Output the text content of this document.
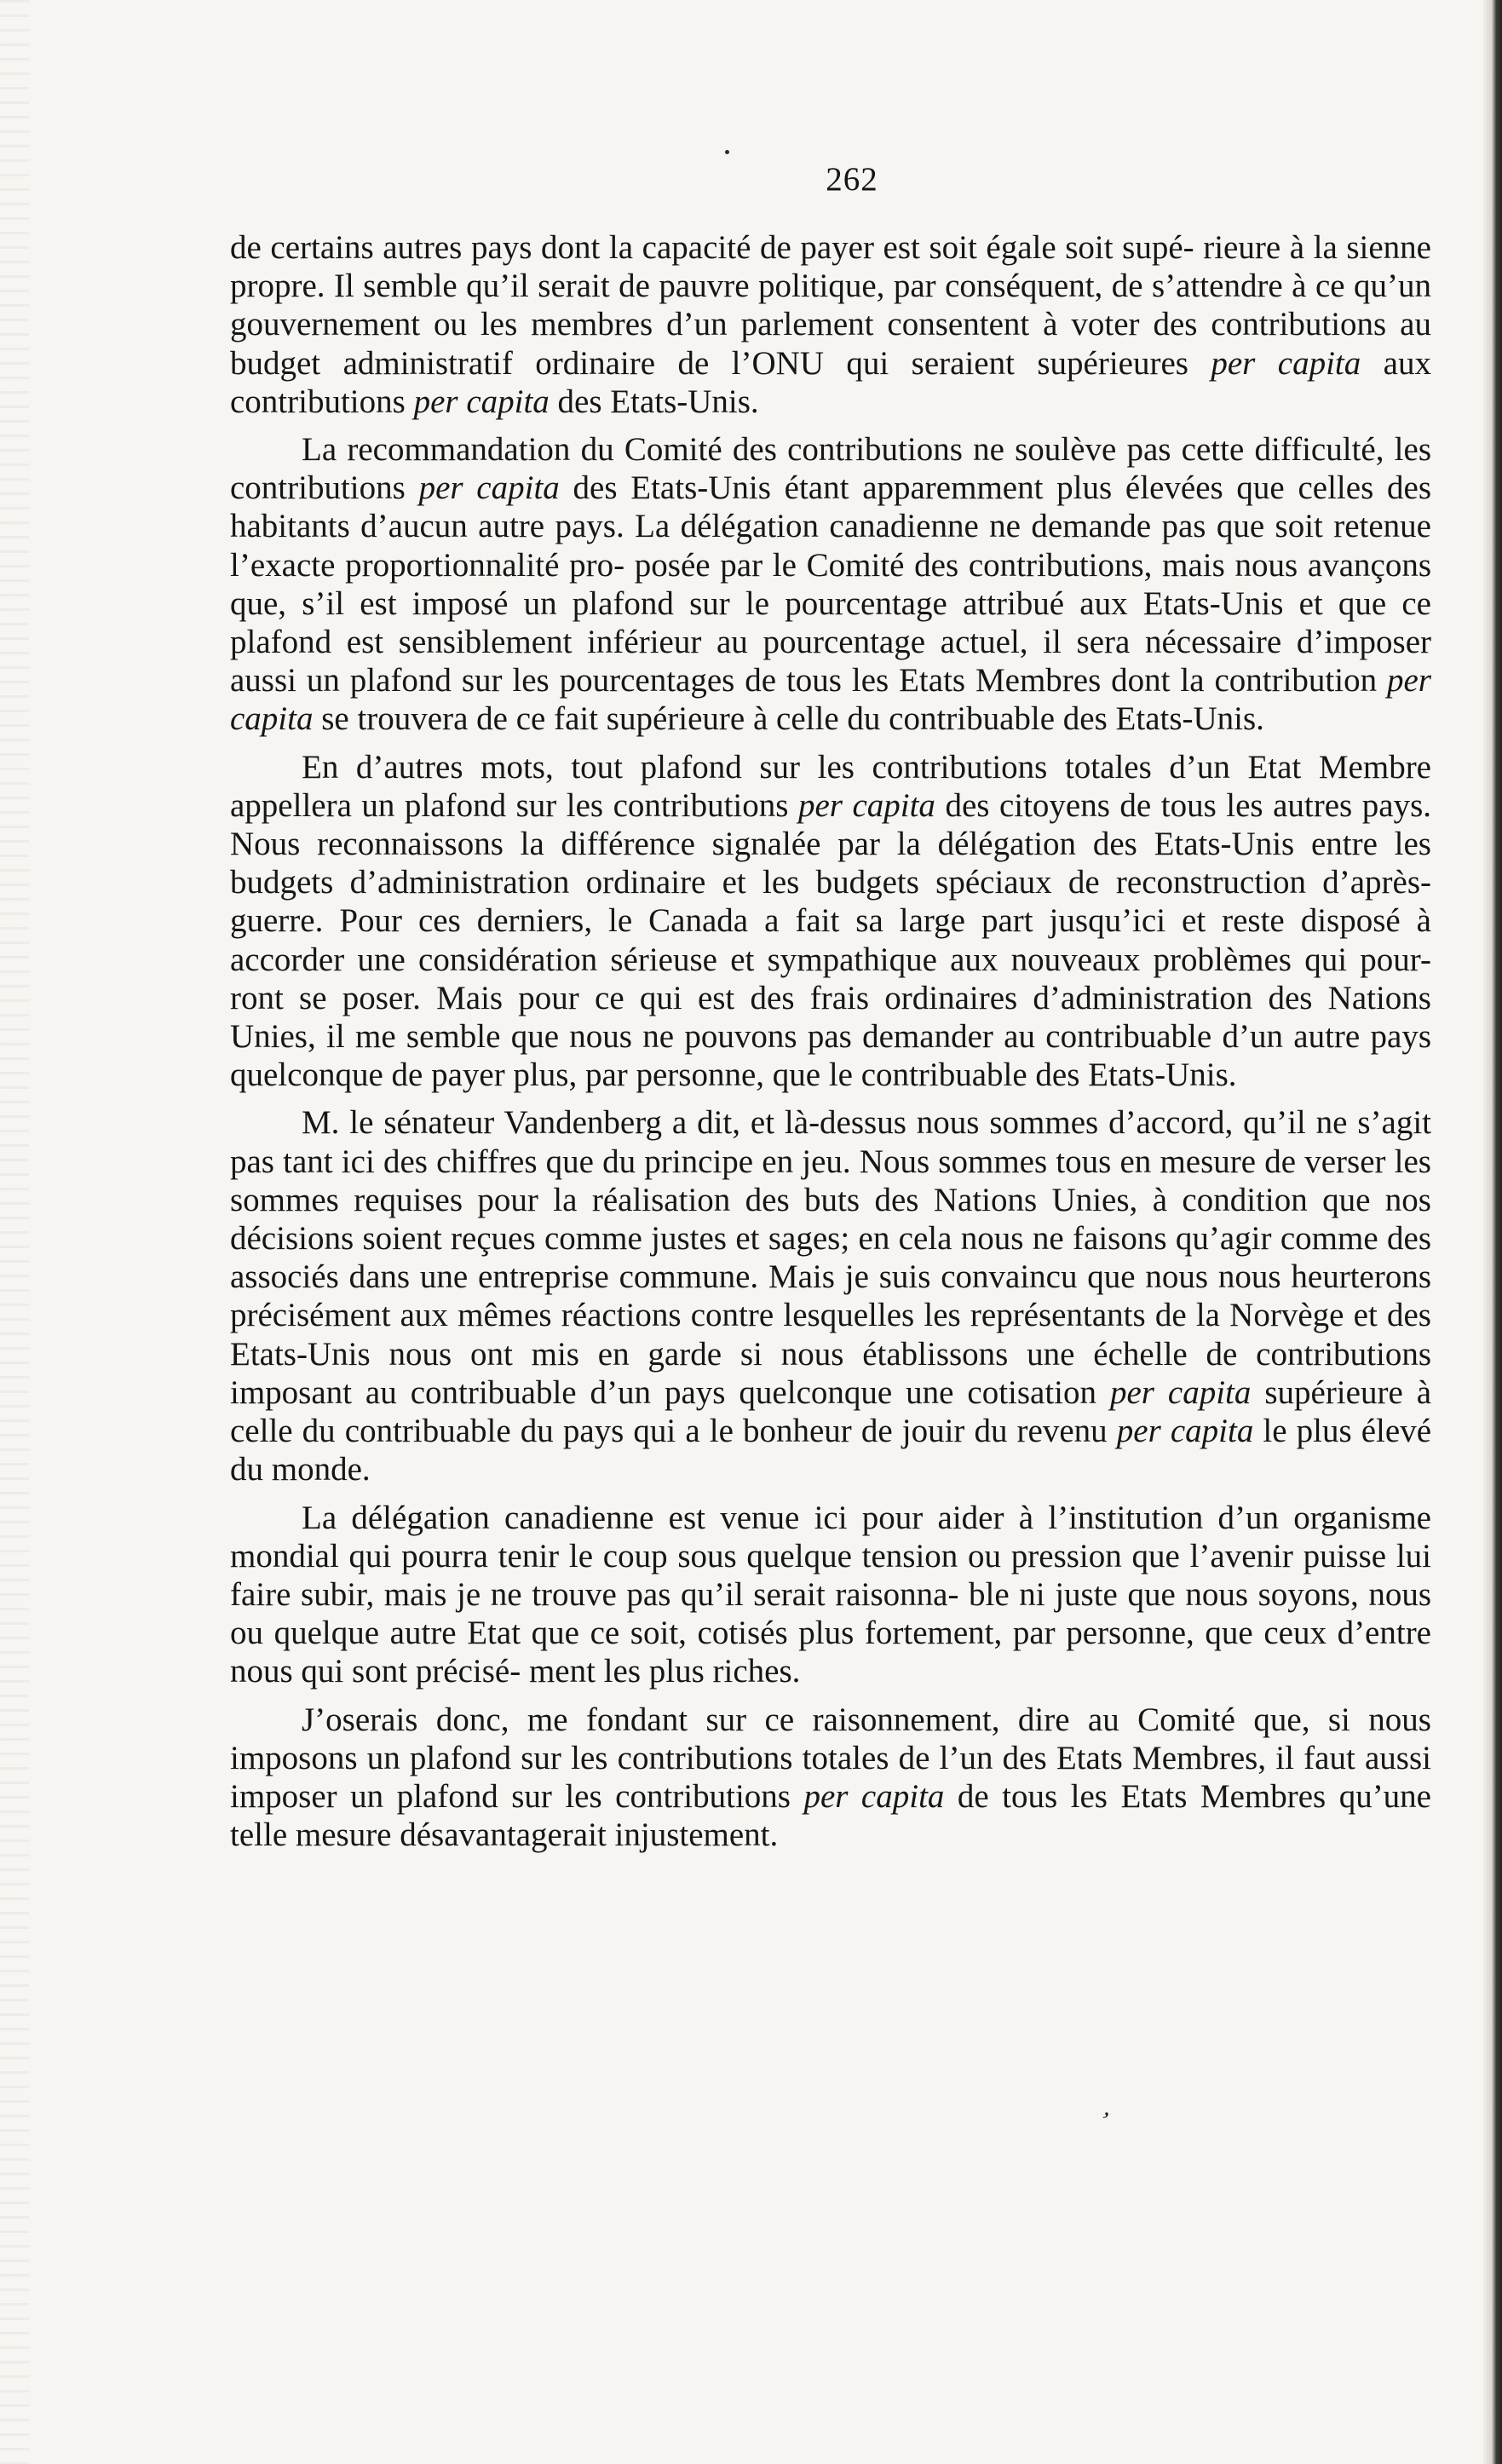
262

de certains autres pays dont la capacité de payer est soit égale soit supé- rieure à la sienne propre. Il semble qu’il serait de pauvre politique, par conséquent, de s’attendre à ce qu’un gouvernement ou les membres d’un parlement consentent à voter des contributions au budget administratif ordinaire de l’ONU qui seraient supérieures per capita aux contributions per capita des Etats-Unis.

La recommandation du Comité des contributions ne soulève pas cette difficulté, les contributions per capita des Etats-Unis étant apparemment plus élevées que celles des habitants d’aucun autre pays. La délégation canadienne ne demande pas que soit retenue l’exacte proportionnalité pro- posée par le Comité des contributions, mais nous avançons que, s’il est imposé un plafond sur le pourcentage attribué aux Etats-Unis et que ce plafond est sensiblement inférieur au pourcentage actuel, il sera nécessaire d’imposer aussi un plafond sur les pourcentages de tous les Etats Membres dont la contribution per capita se trouvera de ce fait supérieure à celle du contribuable des Etats-Unis.

En d’autres mots, tout plafond sur les contributions totales d’un Etat Membre appellera un plafond sur les contributions per capita des citoyens de tous les autres pays. Nous reconnaissons la différence signalée par la délégation des Etats-Unis entre les budgets d’administration ordinaire et les budgets spéciaux de reconstruction d’après-guerre. Pour ces derniers, le Canada a fait sa large part jusqu’ici et reste disposé à accorder une considération sérieuse et sympathique aux nouveaux problèmes qui pour- ront se poser. Mais pour ce qui est des frais ordinaires d’administration des Nations Unies, il me semble que nous ne pouvons pas demander au contribuable d’un autre pays quelconque de payer plus, par personne, que le contribuable des Etats-Unis.

M. le sénateur Vandenberg a dit, et là-dessus nous sommes d’accord, qu’il ne s’agit pas tant ici des chiffres que du principe en jeu. Nous sommes tous en mesure de verser les sommes requises pour la réalisation des buts des Nations Unies, à condition que nos décisions soient reçues comme justes et sages; en cela nous ne faisons qu’agir comme des associés dans une entreprise commune. Mais je suis convaincu que nous nous heurterons précisément aux mêmes réactions contre lesquelles les représentants de la Norvège et des Etats-Unis nous ont mis en garde si nous établissons une échelle de contributions imposant au contribuable d’un pays quelconque une cotisation per capita supérieure à celle du contribuable du pays qui a le bonheur de jouir du revenu per capita le plus élevé du monde.

La délégation canadienne est venue ici pour aider à l’institution d’un organisme mondial qui pourra tenir le coup sous quelque tension ou pression que l’avenir puisse lui faire subir, mais je ne trouve pas qu’il serait raisonna- ble ni juste que nous soyons, nous ou quelque autre Etat que ce soit, cotisés plus fortement, par personne, que ceux d’entre nous qui sont précisé- ment les plus riches.

J’oserais donc, me fondant sur ce raisonnement, dire au Comité que, si nous imposons un plafond sur les contributions totales de l’un des Etats Membres, il faut aussi imposer un plafond sur les contributions per capita de tous les Etats Membres qu’une telle mesure désavantagerait injustement.

,
